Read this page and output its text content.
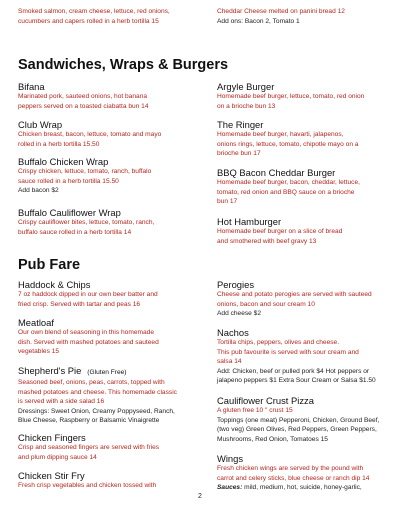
Smoked salmon, cream cheese, lettuce, red onions,

cucumbers and capers rolled in a herb tortilla 15

Cheddar Cheese melted on panini bread 12

Add ons: Bacon 2, Tomato 1

Sandwiches, Wraps & Burgers

Bifana

Marinated pork, sauteed onions, hot banana

peppers served on a toasted ciabatta bun 14

Club Wrap

Chicken breast, bacon, lettuce, tomato and mayo

rolled in a herb tortilla 15.50

Buffalo Chicken Wrap

Crispy chicken, lettuce, tomato, ranch, buffalo

sauce rolled in a herb tortilla 15.50

Add bacon $2

Buffalo Cauliflower Wrap

Crispy cauliflower bites, lettuce, tomato, ranch,

buffalo sauce rolled in a herb tortilla 14

Argyle Burger

Homemade beef burger, lettuce, tomato, red onion

on a brioche bun 13

The Ringer

Homemade beef burger, havarti, jalapenos,

onions rings, lettuce, tomato, chipotle mayo on a

brioche bun 17

BBQ Bacon Cheddar Burger

Homemade beef burger, bacon, cheddar, lettuce,

tomato, red onion and BBQ sauce on a brioche

bun 17

Hot Hamburger

Homemade beef burger on a slice of bread

and smothered with beef gravy 13

Pub Fare

Haddock & Chips

7 oz haddock dipped in our own beer batter and

fried crisp. Served with tartar and peas 16

Meatloaf

Our own blend of seasoning in this homemade

dish. Served with mashed potatoes and sauteed

vegetables 15

Shepherd's Pie (Gluten Free)

Seasoned beef, onions, peas, carrots, topped with

mashed potatoes and cheese. This homemade classic

is served with a side salad 16

Dressings: Sweet Onion, Creamy Poppyseed, Ranch,

Blue Cheese, Raspberry or Balsamic Vinaigrette

Chicken Fingers

Crisp and seasoned fingers are served with fries

and plum dipping sauce 14

Chicken Stir Fry

Fresh crisp vegetables and chicken tossed with

Perogies

Cheese and potato perogies are served with sauteed

onions, bacon and sour cream 10

Add cheese $2

Nachos

Tortilla chips, peppers, olives and cheese.

This pub favourite is served with sour cream and

salsa 14

Add: Chicken, beef or pulled pork $4 Hot peppers or

jalapeno peppers $1 Extra Sour Cream or Salsa $1.50

Cauliflower Crust Pizza

A gluten free 10 " crust 15

Toppings (one meat) Pepperoni, Chicken, Ground Beef,

(two veg) Green Olives, Red Peppers, Green Peppers,

Mushrooms, Red Onion, Tomatoes 15

Wings

Fresh chicken wings are served by the pound with

carrot and celery sticks, blue cheese or ranch dip 14

Sauces: mild, medium, hot, suicide, honey-garlic,

2
